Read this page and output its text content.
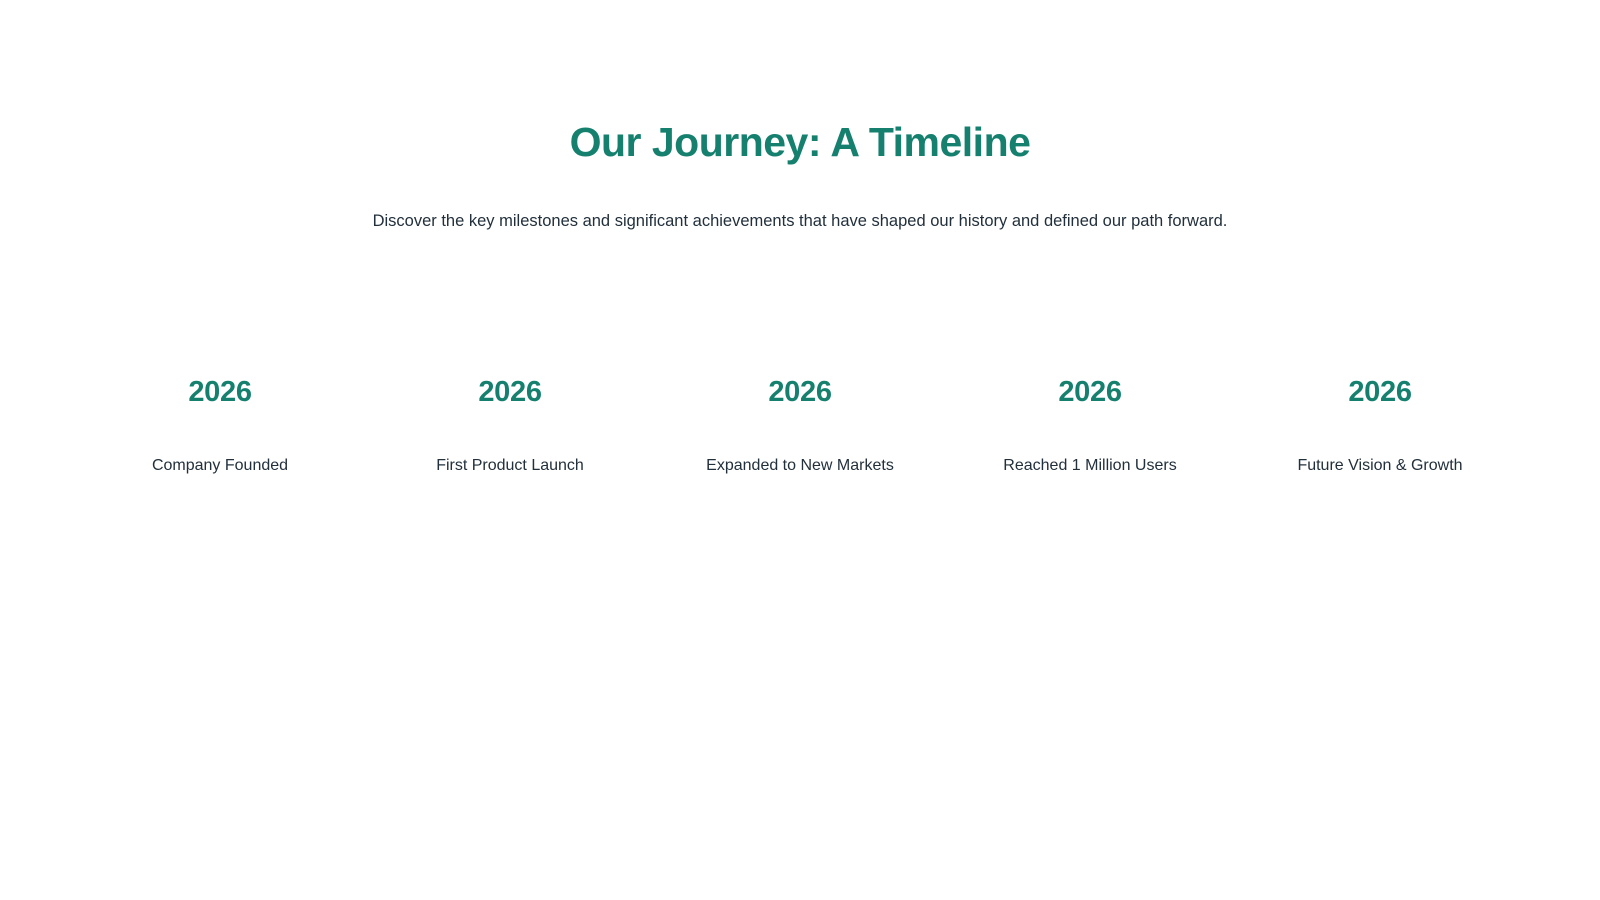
Our Journey: A Timeline

Discover the key milestones and significant achievements that have shaped our history and defined our path forward.

2026
Company Founded
2026
First Product Launch
2026
Expanded to New Markets
2026
Reached 1 Million Users
2026
Future Vision & Growth
